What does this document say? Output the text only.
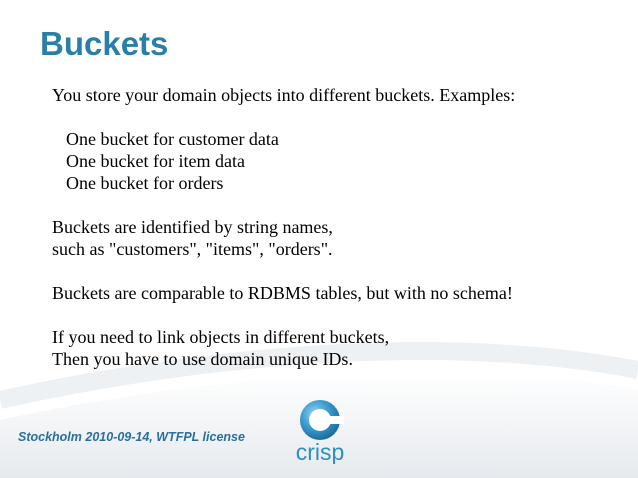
Buckets

You store your domain objects into different buckets. Examples:

One bucket for customer data

One bucket for item data

One bucket for orders

Buckets are identified by string names,

such as "customers", "items", "orders".

Buckets are comparable to RDBMS tables, but with no schema!

If you need to link objects in different buckets,

Then you have to use domain unique IDs.

Stockholm 2010-09-14, WTFPL license
crisp
